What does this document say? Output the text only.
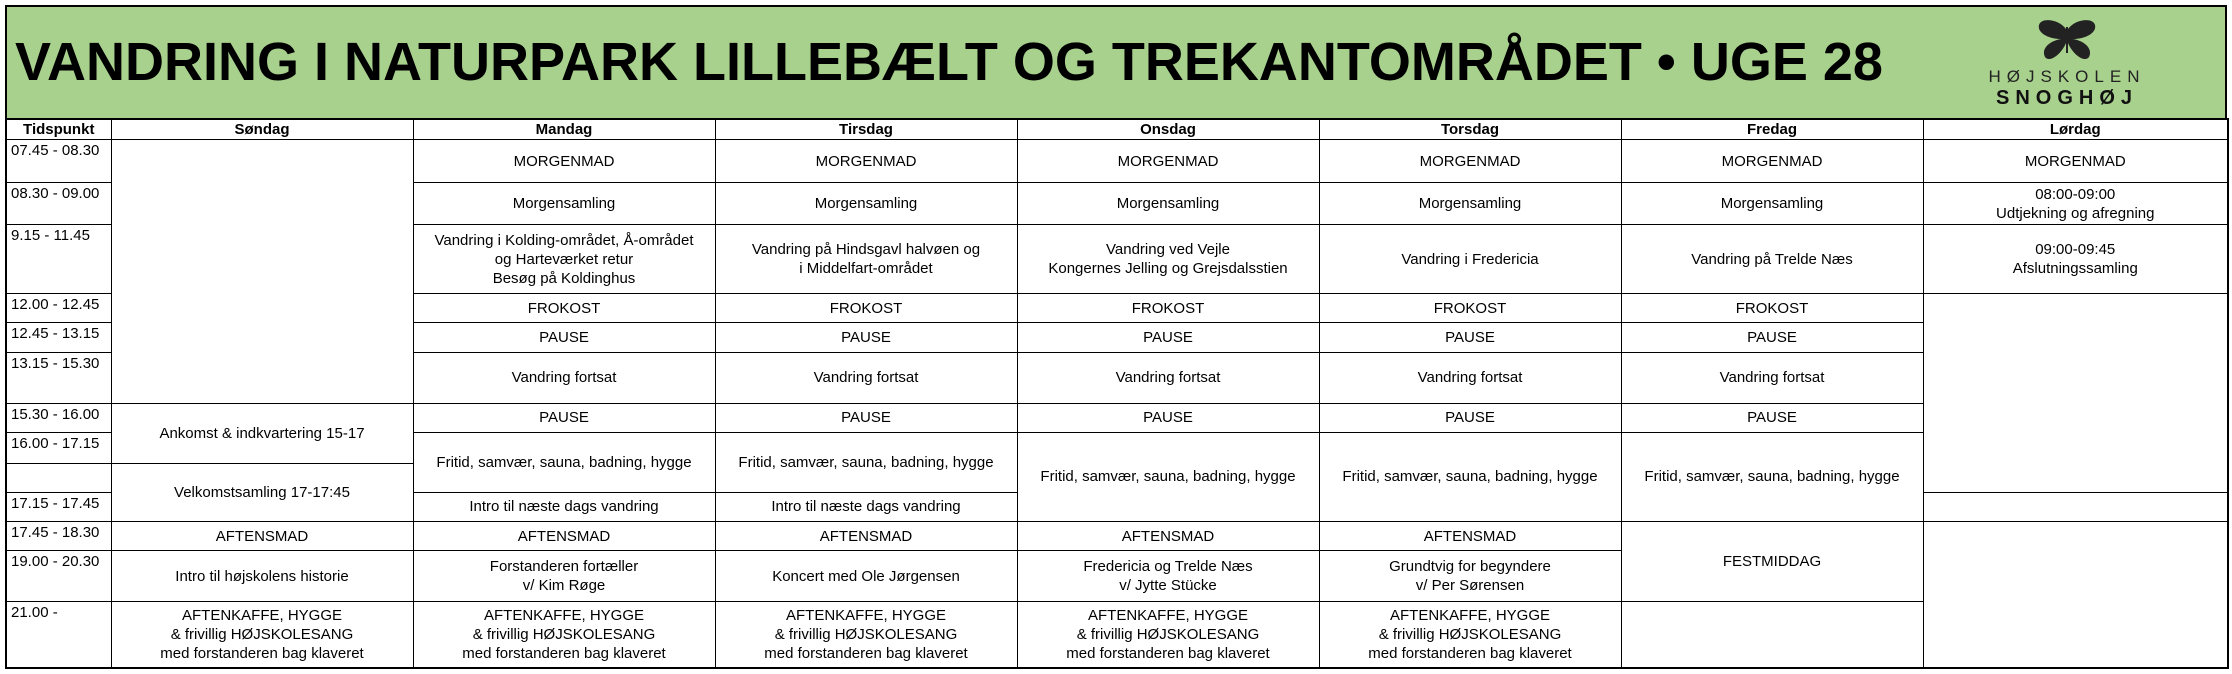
VANDRING I NATURPARK LILLEBÆLT OG TREKANTOMRÅDET • UGE 28	HØJSKOLEN
SNOGHØJ
Tidspunkt	Søndag	Mandag	Tirsdag	Onsdag	Torsdag	Fredag	Lørdag
07.45 - 08.30		MORGENMAD	MORGENMAD	MORGENMAD	MORGENMAD	MORGENMAD	MORGENMAD
08.30 - 09.00		Morgensamling	Morgensamling	Morgensamling	Morgensamling	Morgensamling	08:00-09:00
Udtjekning og afregning

9.15 - 11.45		Vandring i Kolding-området, Å-området
og Harteværket retur
Besøg på Koldinghus	Vandring på Hindsgavl halvøen og
i Middelfart-området	Vandring ved Vejle
Kongernes Jelling og Grejsdalsstien	Vandring i Fredericia	Vandring på Trelde Næs	09:00-09:45
Afslutningssamling

12.00 - 12.45		FROKOST	FROKOST	FROKOST	FROKOST	FROKOST	
12.45 - 13.15		PAUSE	PAUSE	PAUSE	PAUSE	PAUSE	
13.15 - 15.30		Vandring fortsat	Vandring fortsat	Vandring fortsat	Vandring fortsat	Vandring fortsat	
15.30 - 16.00	Ankomst & indkvartering 15-17	PAUSE	PAUSE	PAUSE	PAUSE	PAUSE	
16.00 - 17.15		Fritid, samvær, sauna, badning, hygge	Fritid, samvær, sauna, badning, hygge	Fritid, samvær, sauna, badning, hygge	Fritid, samvær, sauna, badning, hygge	Fritid, samvær, sauna, badning, hygge	
	Velkomstsamling 17-17:45						
17.15 - 17.45		Intro til næste dags vandring	Intro til næste dags vandring				
17.45 - 18.30	AFTENSMAD	AFTENSMAD	AFTENSMAD	AFTENSMAD	AFTENSMAD	FESTMIDDAG	
19.00 - 20.30	Intro til højskolens historie	Forstanderen fortæller
v/ Kim Røge	Koncert med Ole Jørgensen	Fredericia og Trelde Næs
v/ Jytte Stücke	Grundtvig for begyndere
v/ Per Sørensen		

21.00 -	AFTENKAFFE, HYGGE
& frivillig HØJSKOLESANG
med forstanderen bag klaveret	AFTENKAFFE, HYGGE
& frivillig HØJSKOLESANG
med forstanderen bag klaveret	AFTENKAFFE, HYGGE
& frivillig HØJSKOLESANG
med forstanderen bag klaveret	AFTENKAFFE, HYGGE
& frivillig HØJSKOLESANG
med forstanderen bag klaveret	AFTENKAFFE, HYGGE
& frivillig HØJSKOLESANG
med forstanderen bag klaveret		
